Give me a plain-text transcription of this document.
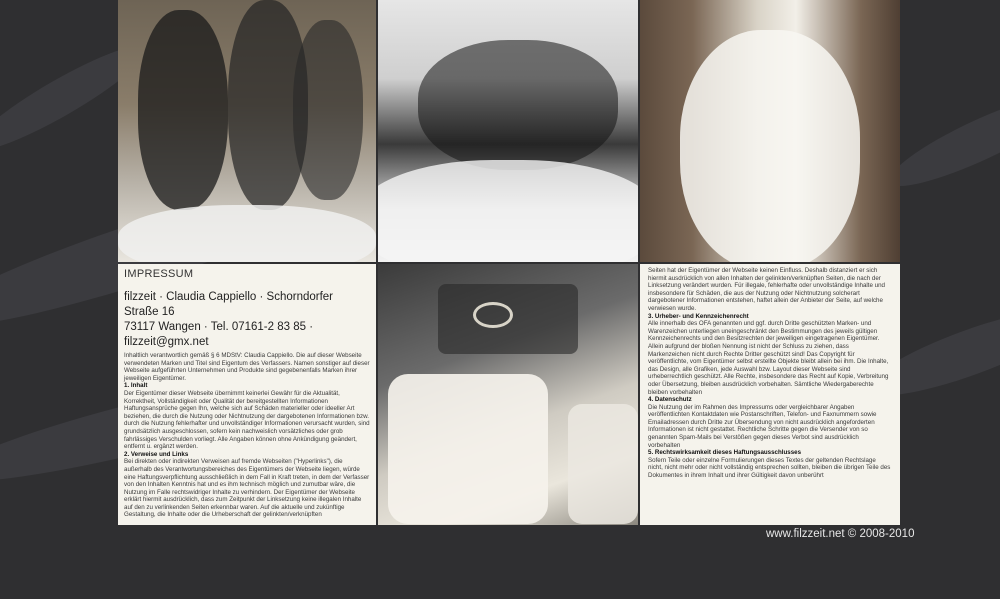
IMPRESSUM
filzzeit · Claudia Cappiello · Schorndorfer Straße 16
73117 Wangen · Tel. 07161-2 83 85 · filzzeit@gmx.net
Inhaltlich verantwortlich gemäß § 6 MDStV: Claudia Cappiello. Die auf dieser Webseite verwendeten Marken und Titel sind Eigentum des Verfassers. Namen sonstiger auf dieser Webseite aufgeführten Unternehmen und Produkte sind gegebenenfalls Marken ihrer jeweiligen Eigentümer.
1. Inhalt
Der Eigentümer dieser Webseite übernimmt keinerlei Gewähr für die Aktualität, Korrektheit, Vollständigkeit oder Qualität der bereitgestellten Informationen Haftungsansprüche gegen Ihn, welche sich auf Schäden materieller oder ideeller Art beziehen, die durch die Nutzung oder Nichtnutzung der dargebotenen Informationen bzw. durch die Nutzung fehlerhafter und unvollständiger Informationen verursacht wurden, sind grundsätzlich ausgeschlossen, sofern kein nachweislich vorsätzliches oder grob fahrlässiges Verschulden vorliegt. Alle Angaben können ohne Ankündigung geändert, entfernt u. ergänzt werden.
2. Verweise und Links
Bei direkten oder indirekten Verweisen auf fremde Webseiten ("Hyperlinks"), die außerhalb des Verantwortungsbereiches des Eigentümers der Webseite liegen, würde eine Haftungsverpflichtung ausschließlich in dem Fall in Kraft treten, in dem der Verfasser von den Inhalten Kenntnis hat und es ihm technisch möglich und zumutbar wäre, die Nutzung im Falle rechtswidriger Inhalte zu verhindern. Der Eigentümer der Webseite erklärt hiermit ausdrücklich, dass zum Zeitpunkt der Linksetzung keine illegalen Inhalte auf den zu verlinkenden Seiten erkennbar waren. Auf die aktuelle und zukünftige Gestaltung, die Inhalte oder die Urheberschaft der gelinkten/verknüpften
Seiten hat der Eigentümer der Webseite keinen Einfluss. Deshalb distanziert er sich hiermit ausdrücklich von allen Inhalten der gelinkten/verknüpften Seiten, die nach der Linksetzung verändert wurden. Für illegale, fehlerhafte oder unvollständige Inhalte und insbesondere für Schäden, die aus der Nutzung oder Nichtnutzung solcherart dargebotener Informationen entstehen, haftet allein der Anbieter der Seite, auf welche verwiesen wurde.
3. Urheber- und Kennzeichenrecht
Alle innerhalb des OFA genannten und ggf. durch Dritte geschützten Marken- und Warenzeichen unterliegen uneingeschränkt den Bestimmungen des jeweils gültigen Kennzeichenrechts und den Besitzrechten der jeweiligen eingetragenen Eigentümer. Allein aufgrund der bloßen Nennung ist nicht der Schluss zu ziehen, dass Markenzeichen nicht durch Rechte Dritter geschützt sind! Das Copyright für veröffentlichte, vom Eigentümer selbst erstellte Objekte bleibt allein bei ihm. Die Inhalte, das Design, alle Grafiken, jede Auswahl bzw. Layout dieser Webseite sind urheberrechtlich geschützt. Alle Rechte, insbesondere das Recht auf Kopie, Verbreitung oder Übersetzung, bleiben ausdrücklich vorbehalten. Sämtliche Wiedergaberechte bleiben vorbehalten
4. Datenschutz
Die Nutzung der im Rahmen des Impressums oder vergleichbarer Angaben veröffentlichten Kontaktdaten wie Postanschriften, Telefon- und Faxnummern sowie Emailadressen durch Dritte zur Übersendung von nicht ausdrücklich angeforderten Informationen ist nicht gestattet. Rechtliche Schritte gegen die Versender von so genannten Spam-Mails bei Verstößen gegen dieses Verbot sind ausdrücklich vorbehalten
5. Rechtswirksamkeit dieses Haftungsausschlusses
Sofern Teile oder einzelne Formulierungen dieses Textes der geltenden Rechtslage nicht, nicht mehr oder nicht vollständig entsprechen sollten, bleiben die übrigen Teile des Dokumentes in ihrem Inhalt und ihrer Gültigkeit davon unberührt
www.filzzeit.net © 2008-2010
